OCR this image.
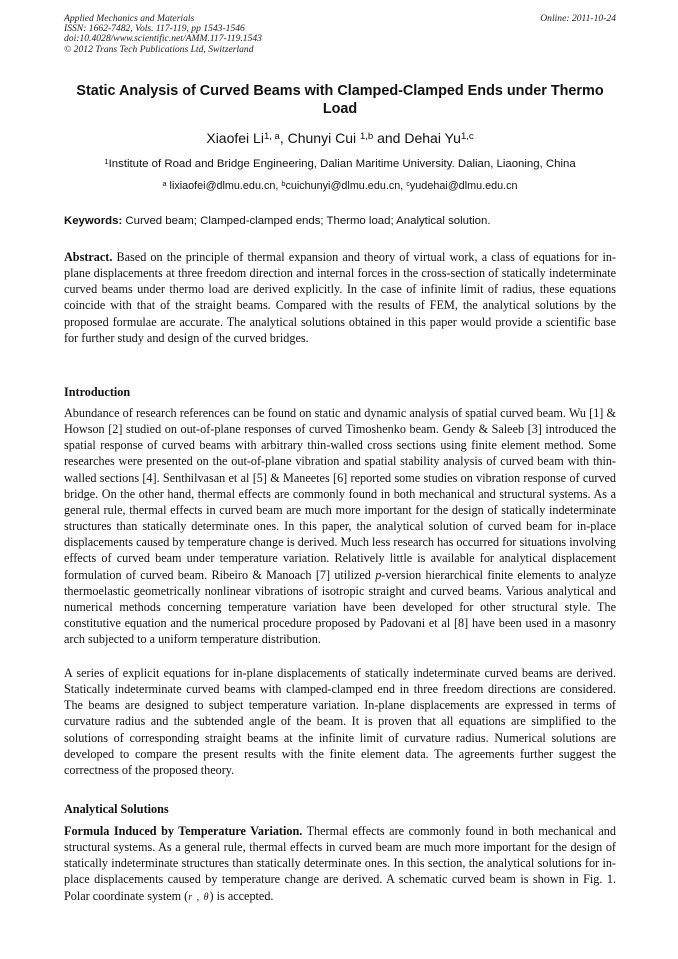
Applied Mechanics and Materials
ISSN: 1662-7482, Vols. 117-119, pp 1543-1546
doi:10.4028/www.scientific.net/AMM.117-119.1543
© 2012 Trans Tech Publications Ltd, Switzerland
Online: 2011-10-24
Static Analysis of Curved Beams with Clamped-Clamped Ends under Thermo Load
Xiaofei Li$^{1, a}$, Chunyi Cui $^{1,b}$ and Dehai Yu$^{1,c}$
$^1$Institute of Road and Bridge Engineering, Dalian Maritime University. Dalian, Liaoning, China
$^a$ lixiaofei@dlmu.edu.cn, $^b$cuichunyi@dlmu.edu.cn, $^c$yudehai@dlmu.edu.cn
Keywords: Curved beam; Clamped-clamped ends; Thermo load; Analytical solution.
Abstract. Based on the principle of thermal expansion and theory of virtual work, a class of equations for in-plane displacements at three freedom direction and internal forces in the cross-section of statically indeterminate curved beams under thermo load are derived explicitly. In the case of infinite limit of radius, these equations coincide with that of the straight beams. Compared with the results of FEM, the analytical solutions by the proposed formulae are accurate. The analytical solutions obtained in this paper would provide a scientific base for further study and design of the curved bridges.
Introduction
Abundance of research references can be found on static and dynamic analysis of spatial curved beam. Wu [1] & Howson [2] studied on out-of-plane responses of curved Timoshenko beam. Gendy & Saleeb [3] introduced the spatial response of curved beams with arbitrary thin-walled cross sections using finite element method. Some researches were presented on the out-of-plane vibration and spatial stability analysis of curved beam with thin-walled sections [4]. Senthilvasan et al [5] & Maneetes [6] reported some studies on vibration response of curved bridge. On the other hand, thermal effects are commonly found in both mechanical and structural systems. As a general rule, thermal effects in curved beam are much more important for the design of statically indeterminate structures than statically determinate ones. In this paper, the analytical solution of curved beam for in-place displacements caused by temperature change is derived. Much less research has occurred for situations involving effects of curved beam under temperature variation. Relatively little is available for analytical displacement formulation of curved beam. Ribeiro & Manoach [7] utilized p-version hierarchical finite elements to analyze thermoelastic geometrically nonlinear vibrations of isotropic straight and curved beams. Various analytical and numerical methods concerning temperature variation have been developed for other structural style. The constitutive equation and the numerical procedure proposed by Padovani et al [8] have been used in a masonry arch subjected to a uniform temperature distribution.
A series of explicit equations for in-plane displacements of statically indeterminate curved beams are derived. Statically indeterminate curved beams with clamped-clamped end in three freedom directions are considered. The beams are designed to subject temperature variation. In-plane displacements are expressed in terms of curvature radius and the subtended angle of the beam. It is proven that all equations are simplified to the solutions of corresponding straight beams at the infinite limit of curvature radius. Numerical solutions are developed to compare the present results with the finite element data. The agreements further suggest the correctness of the proposed theory.
Analytical Solutions
Formula Induced by Temperature Variation. Thermal effects are commonly found in both mechanical and structural systems. As a general rule, thermal effects in curved beam are much more important for the design of statically indeterminate structures than statically determinate ones. In this section, the analytical solutions for in-place displacements caused by temperature change are derived. A schematic curved beam is shown in Fig. 1. Polar coordinate system (r , θ) is accepted.
